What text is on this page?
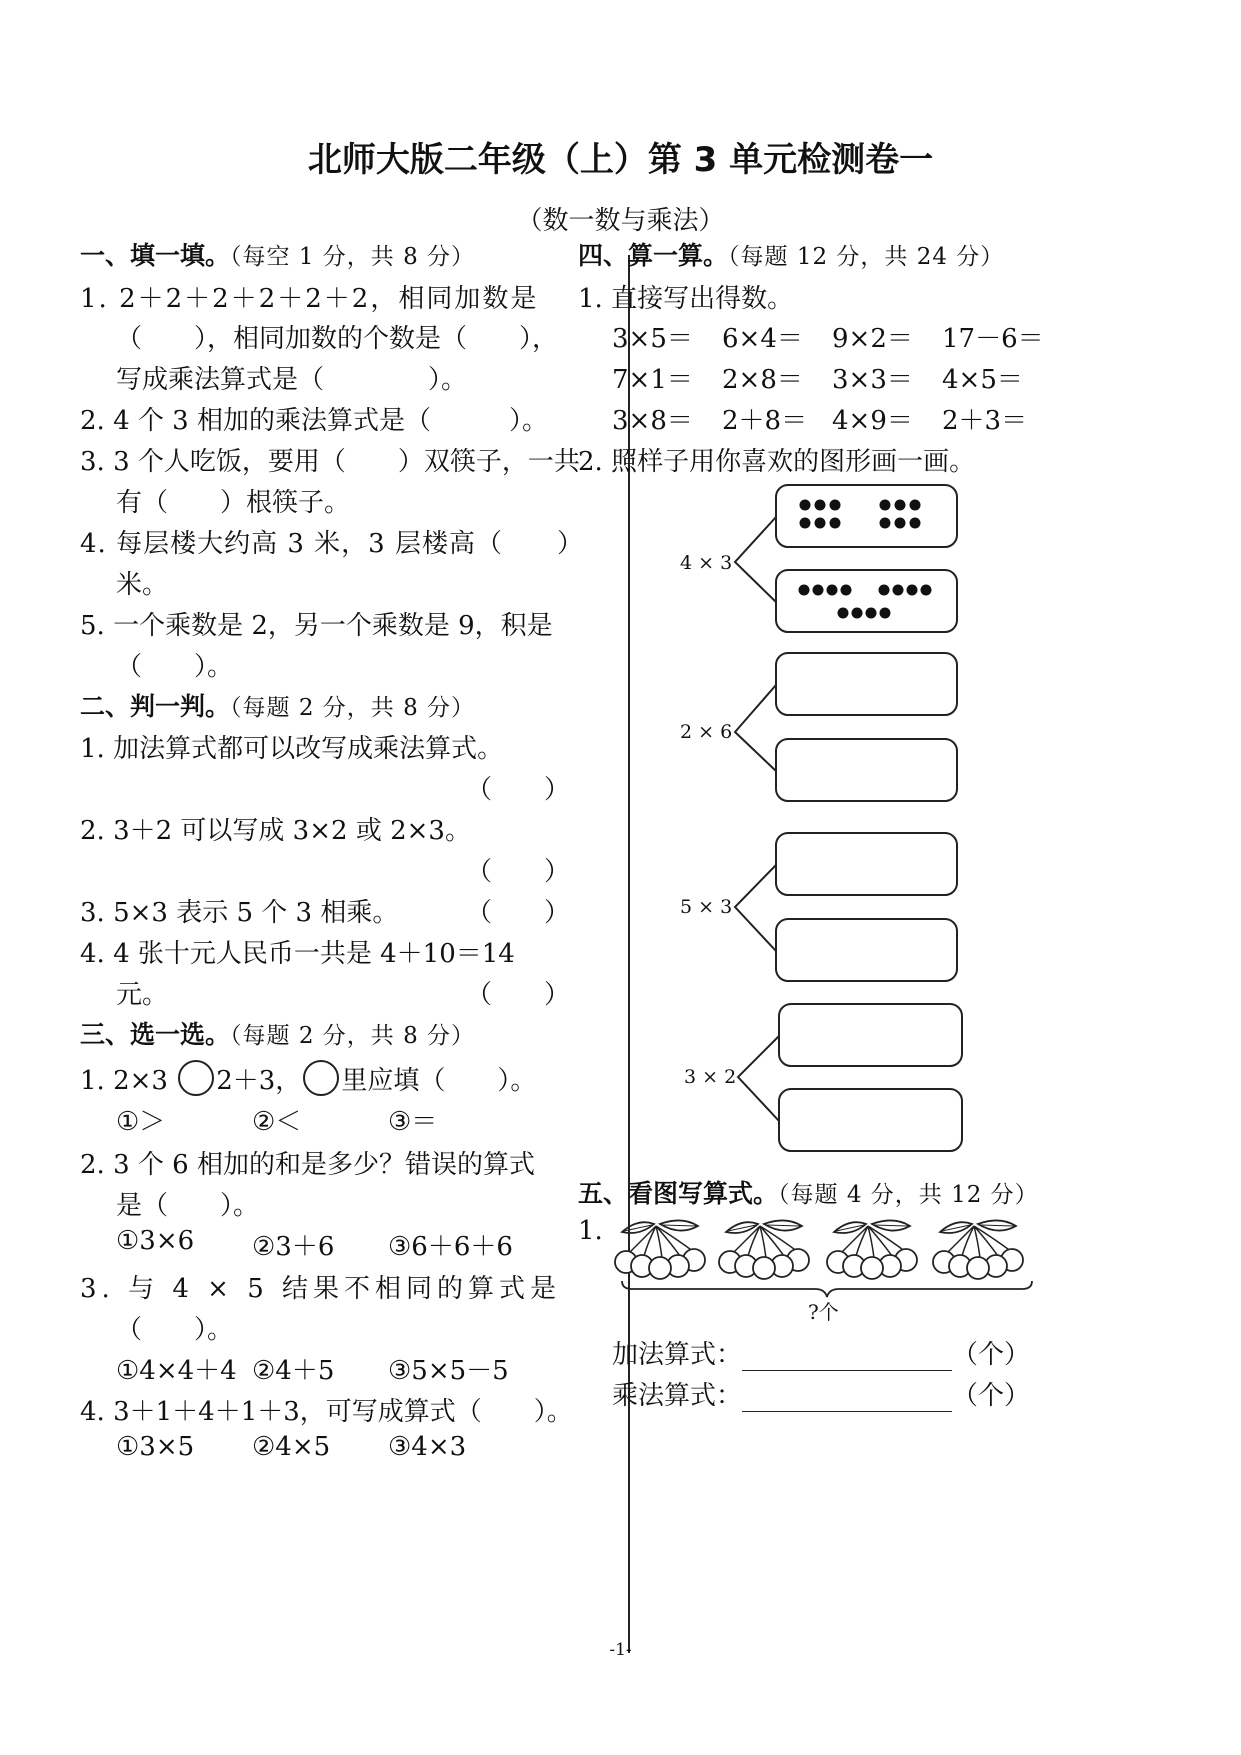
北师大版二年级（上）第 3 单元检测卷一
（数一数与乘法）
一、填一填。（每空 1 分，共 8 分）
1. 2＋2＋2＋2＋2＋2，相同加数是
（　　），相同加数的个数是（　　），
写成乘法算式是（　　　　）。
2. 4 个 3 相加的乘法算式是（　　　）。
3. 3 个人吃饭，要用（　　）双筷子，一共
有（　　）根筷子。
4. 每层楼大约高 3 米，3 层楼高（　　）
米。
5. 一个乘数是 2，另一个乘数是 9，积是
（　　）。
二、判一判。（每题 2 分，共 8 分）
1. 加法算式都可以改写成乘法算式。
（　　）
2. 3＋2 可以写成 3×2 或 2×3。
（　　）
3. 5×3 表示 5 个 3 相乘。	（　　）
4. 4 张十元人民币一共是 4＋10＝14
元。	（　　）
三、选一选。（每题 2 分，共 8 分）
1. 2×3 2＋3， 里应填（　　）。
①＞	②＜	③＝
2. 3 个 6 相加的和是多少？错误的算式
是（　　）。
①3×6 ②3＋6 ③6＋6＋6
3. 与 4 × 5 结果不相同的算式是
（　　）。
①4×4＋4 ②4＋5 ③5×5－5
4. 3＋1＋4＋1＋3，可写成算式（　　）。
①3×5 ②4×5 ③4×3
四、算一算。（每题 12 分，共 24 分）
1. 直接写出得数。
3×5＝ 6×4＝ 9×2＝ 17－6＝
7×1＝ 2×8＝ 3×3＝ 4×5＝
3×8＝ 2＋8＝ 4×9＝ 2＋3＝
2. 照样子用你喜欢的图形画一画。
4 × 3
2 × 6
5 × 3
3 × 2
五、看图写算式。（每题 4 分，共 12 分）
1.
?个
加法算式：	（个）
乘法算式：	（个）
-1-
